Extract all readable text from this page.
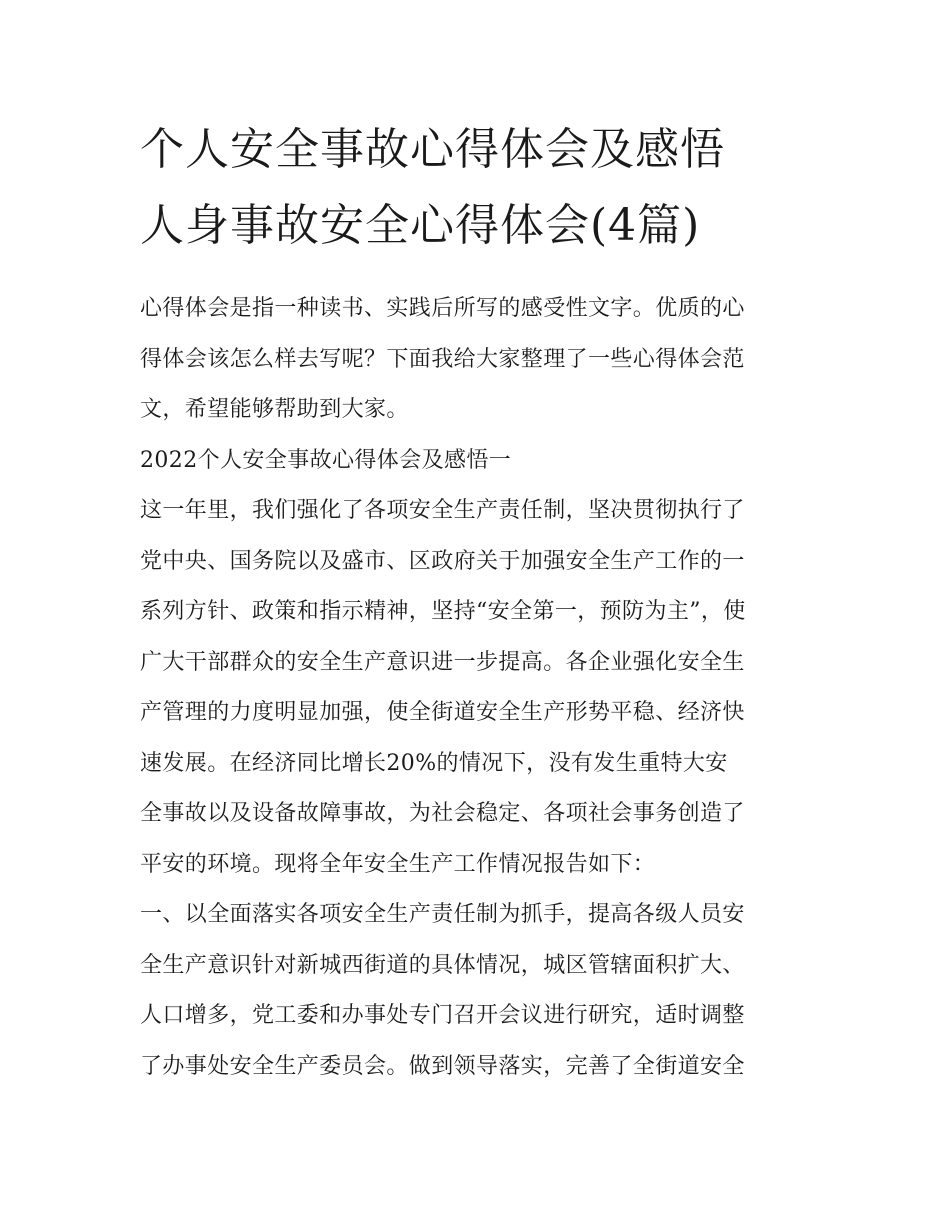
个人安全事故心得体会及感悟
人身事故安全心得体会(4篇)

心得体会是指一种读书、实践后所写的感受性文字。优质的心

得体会该怎么样去写呢？下面我给大家整理了一些心得体会范

文，希望能够帮助到大家。

2022个人安全事故心得体会及感悟一

这一年里，我们强化了各项安全生产责任制，坚决贯彻执行了

党中央、国务院以及盛市、区政府关于加强安全生产工作的一

系列方针、政策和指示精神，坚持“安全第一，预防为主”，使

广大干部群众的安全生产意识进一步提高。各企业强化安全生

产管理的力度明显加强，使全街道安全生产形势平稳、经济快

速发展。在经济同比增长20%的情况下，没有发生重特大安

全事故以及设备故障事故，为社会稳定、各项社会事务创造了

平安的环境。现将全年安全生产工作情况报告如下：

一、以全面落实各项安全生产责任制为抓手，提高各级人员安

全生产意识针对新城西街道的具体情况，城区管辖面积扩大、

人口增多，党工委和办事处专门召开会议进行研究，适时调整

了办事处安全生产委员会。做到领导落实，完善了全街道安全
